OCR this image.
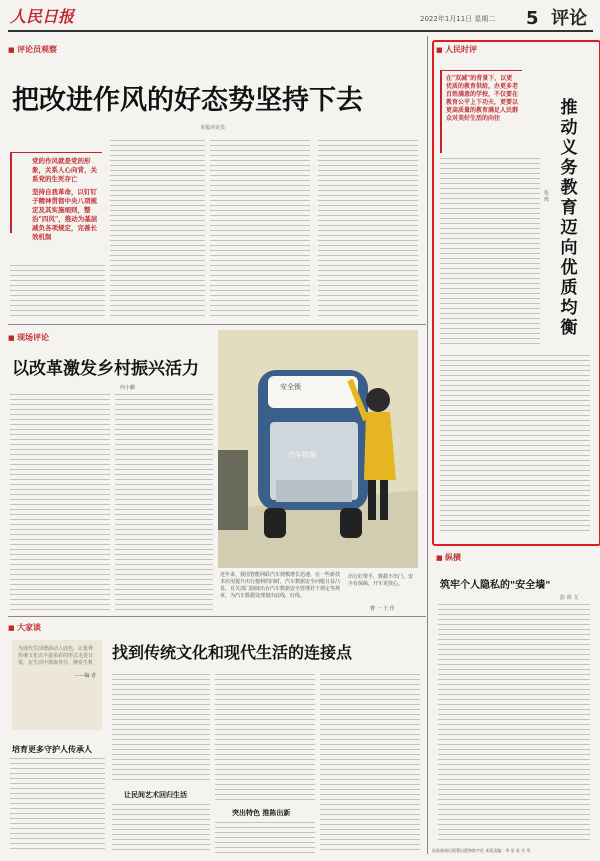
人民日报	2022年1月11日 星期二 5 评论
■ 评论员观察
把改进作风的好态势坚持下去
本报评论员
党的作风就是党的形象，关系人心向背，关系党的生死存亡
坚持自我革命，以钉钉子精神贯彻中央八项规定及其实施细则，整治"四风"，推动为基层减负各项规定，完善长效机制
■ 现场评论
以改革激发乡村振兴活力
何小鹏	安全锁
汽车数据
近年来，我国智能网联汽车规模增长迅速，在一些新技术应用提升出行便利的同时，汽车数据安全问题日益凸显。有关部门陆续出台汽车数据安全管理若干规定等规章，为汽车数据处理划出底线、红线。
出行好帮手，数据不出门。安全有保障，开车更放心。
曹 一 王 作
■ 大家谈
找到传统文化和现代生活的连接点
为现代生活增添动人底色，让优秀传统文化以丰富多彩的形式走进日常，在生活中汲取养分、焕发生机
——编 者
培育更多守护人传承人
让民间艺术回归生活
突出特色 推陈出新
■ 人民时评
在"双减"的背景下，以更优质的教育供给，办更多老百姓满意的学校，不仅要在教育公平上下功夫，更要以更高质量的教育满足人民群众对美好生活的向往
推
动
义
务
教
育
迈
向
优
质
均
衡
张 烁
■ 纵横
筑牢个人隐私的"安全墙"
彭 训 文
国家新闻出版署出版物数字化 本版责编：李 浩 张 芳 等
